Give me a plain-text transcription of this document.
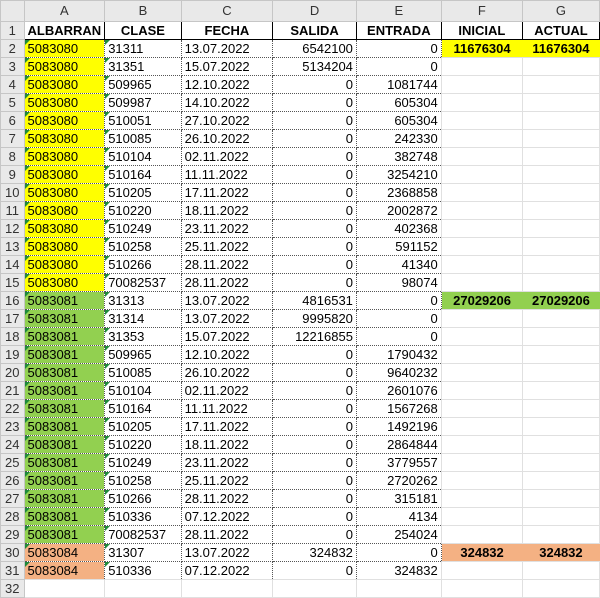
	A	B	C	D	E	F	G
1	ALBARRAN	CLASE	FECHA	SALIDA	ENTRADA	INICIAL	ACTUAL
2	5083080	31311	13.07.2022	6542100	0	11676304	11676304
3	5083080	31351	15.07.2022	5134204	0		
4	5083080	509965	12.10.2022	0	1081744		
5	5083080	509987	14.10.2022	0	605304		
6	5083080	510051	27.10.2022	0	605304		
7	5083080	510085	26.10.2022	0	242330		
8	5083080	510104	02.11.2022	0	382748		
9	5083080	510164	11.11.2022	0	3254210		
10	5083080	510205	17.11.2022	0	2368858		
11	5083080	510220	18.11.2022	0	2002872		
12	5083080	510249	23.11.2022	0	402368		
13	5083080	510258	25.11.2022	0	591152		
14	5083080	510266	28.11.2022	0	41340		
15	5083080	70082537	28.11.2022	0	98074		
16	5083081	31313	13.07.2022	4816531	0	27029206	27029206
17	5083081	31314	13.07.2022	9995820	0		
18	5083081	31353	15.07.2022	12216855	0		
19	5083081	509965	12.10.2022	0	1790432		
20	5083081	510085	26.10.2022	0	9640232		
21	5083081	510104	02.11.2022	0	2601076		
22	5083081	510164	11.11.2022	0	1567268		
23	5083081	510205	17.11.2022	0	1492196		
24	5083081	510220	18.11.2022	0	2864844		
25	5083081	510249	23.11.2022	0	3779557		
26	5083081	510258	25.11.2022	0	2720262		
27	5083081	510266	28.11.2022	0	315181		
28	5083081	510336	07.12.2022	0	4134		
29	5083081	70082537	28.11.2022	0	254024		
30	5083084	31307	13.07.2022	324832	0	324832	324832
31	5083084	510336	07.12.2022	0	324832		
32							
